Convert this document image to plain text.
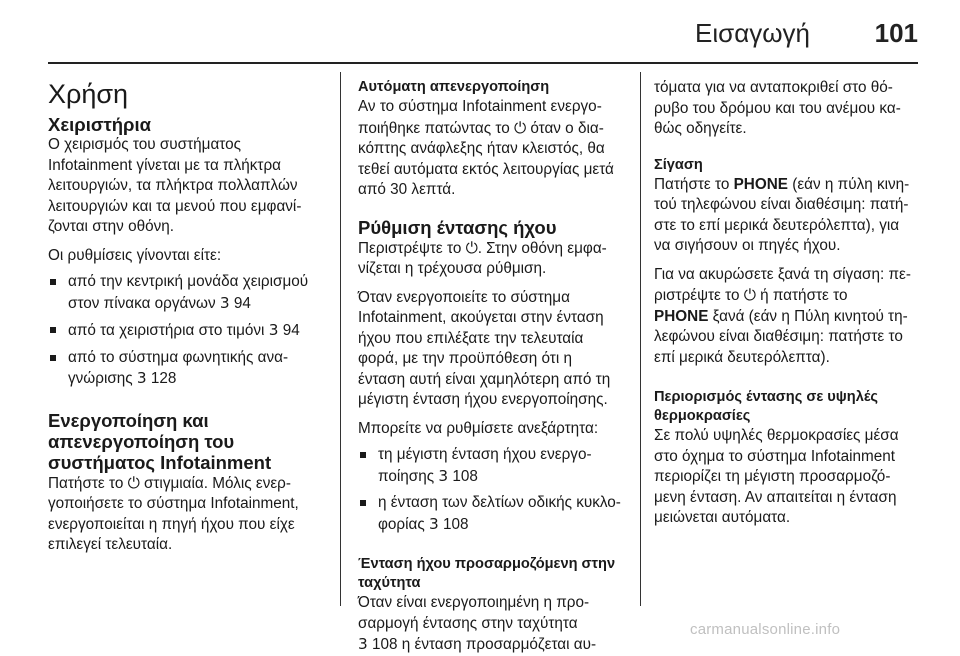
Εισαγωγή 101
Χρήση

Χειριστήρια

Ο χειρισμός του συστήματος
Infotainment γίνεται με τα πλήκτρα
λειτουργιών, τα πλήκτρα πολλαπλών
λειτουργιών και τα μενού που εμφανί‐
ζονται στην οθόνη.

Οι ρυθμίσεις γίνονται είτε:

από την κεντρική μονάδα χειρισμού
στον πίνακα οργάνων 3 94
από τα χειριστήρια στο τιμόνι 3 94
από το σύστημα φωνητικής ανα‐
γνώρισης 3 128

Ενεργοποίηση και
απενεργοποίηση του
συστήματος Infotainment

Πατήστε το ⏻ στιγμιαία. Μόλις ενερ‐
γοποιήσετε το σύστημα Infotainment,
ενεργοποιείται η πηγή ήχου που είχε
επιλεγεί τελευταία.

Αυτόματη απενεργοποίηση

Αν το σύστημα Infotainment ενεργο‐
ποιήθηκε πατώντας το ⏻ όταν ο δια‐
κόπτης ανάφλεξης ήταν κλειστός, θα
τεθεί αυτόματα εκτός λειτουργίας μετά
από 30 λεπτά.

Ρύθμιση έντασης ήχου

Περιστρέψτε το ⏻. Στην οθόνη εμφα‐
νίζεται η τρέχουσα ρύθμιση.

Όταν ενεργοποιείτε το σύστημα
Infotainment, ακούγεται στην ένταση
ήχου που επιλέξατε την τελευταία
φορά, με την προϋπόθεση ότι η
ένταση αυτή είναι χαμηλότερη από τη
μέγιστη ένταση ήχου ενεργοποίησης.

Μπορείτε να ρυθμίσετε ανεξάρτητα:

τη μέγιστη ένταση ήχου ενεργο‐
ποίησης 3 108
η ένταση των δελτίων οδικής κυκλο‐
φορίας 3 108

Ένταση ήχου προσαρμοζόμενη στην
ταχύτητα

Όταν είναι ενεργοποιημένη η προ‐
σαρμογή έντασης στην ταχύτητα
3 108 η ένταση προσαρμόζεται αυ‐

τόματα για να ανταποκριθεί στο θό‐
ρυβο του δρόμου και του ανέμου κα‐
θώς οδηγείτε.

Σίγαση

Πατήστε το PHONE (εάν η πύλη κινη‐
τού τηλεφώνου είναι διαθέσιμη: πατή‐
στε το επί μερικά δευτερόλεπτα), για
να σιγήσουν οι πηγές ήχου.

Για να ακυρώσετε ξανά τη σίγαση: πε‐
ριστρέψτε το ⏻ ή πατήστε το
PHONE ξανά (εάν η Πύλη κινητού τη‐
λεφώνου είναι διαθέσιμη: πατήστε το
επί μερικά δευτερόλεπτα).

Περιορισμός έντασης σε υψηλές
θερμοκρασίες

Σε πολύ υψηλές θερμοκρασίες μέσα
στο όχημα το σύστημα Infotainment
περιορίζει τη μέγιστη προσαρμοζό‐
μενη ένταση. Αν απαιτείται η ένταση
μειώνεται αυτόματα.

carmanualsonline.info
